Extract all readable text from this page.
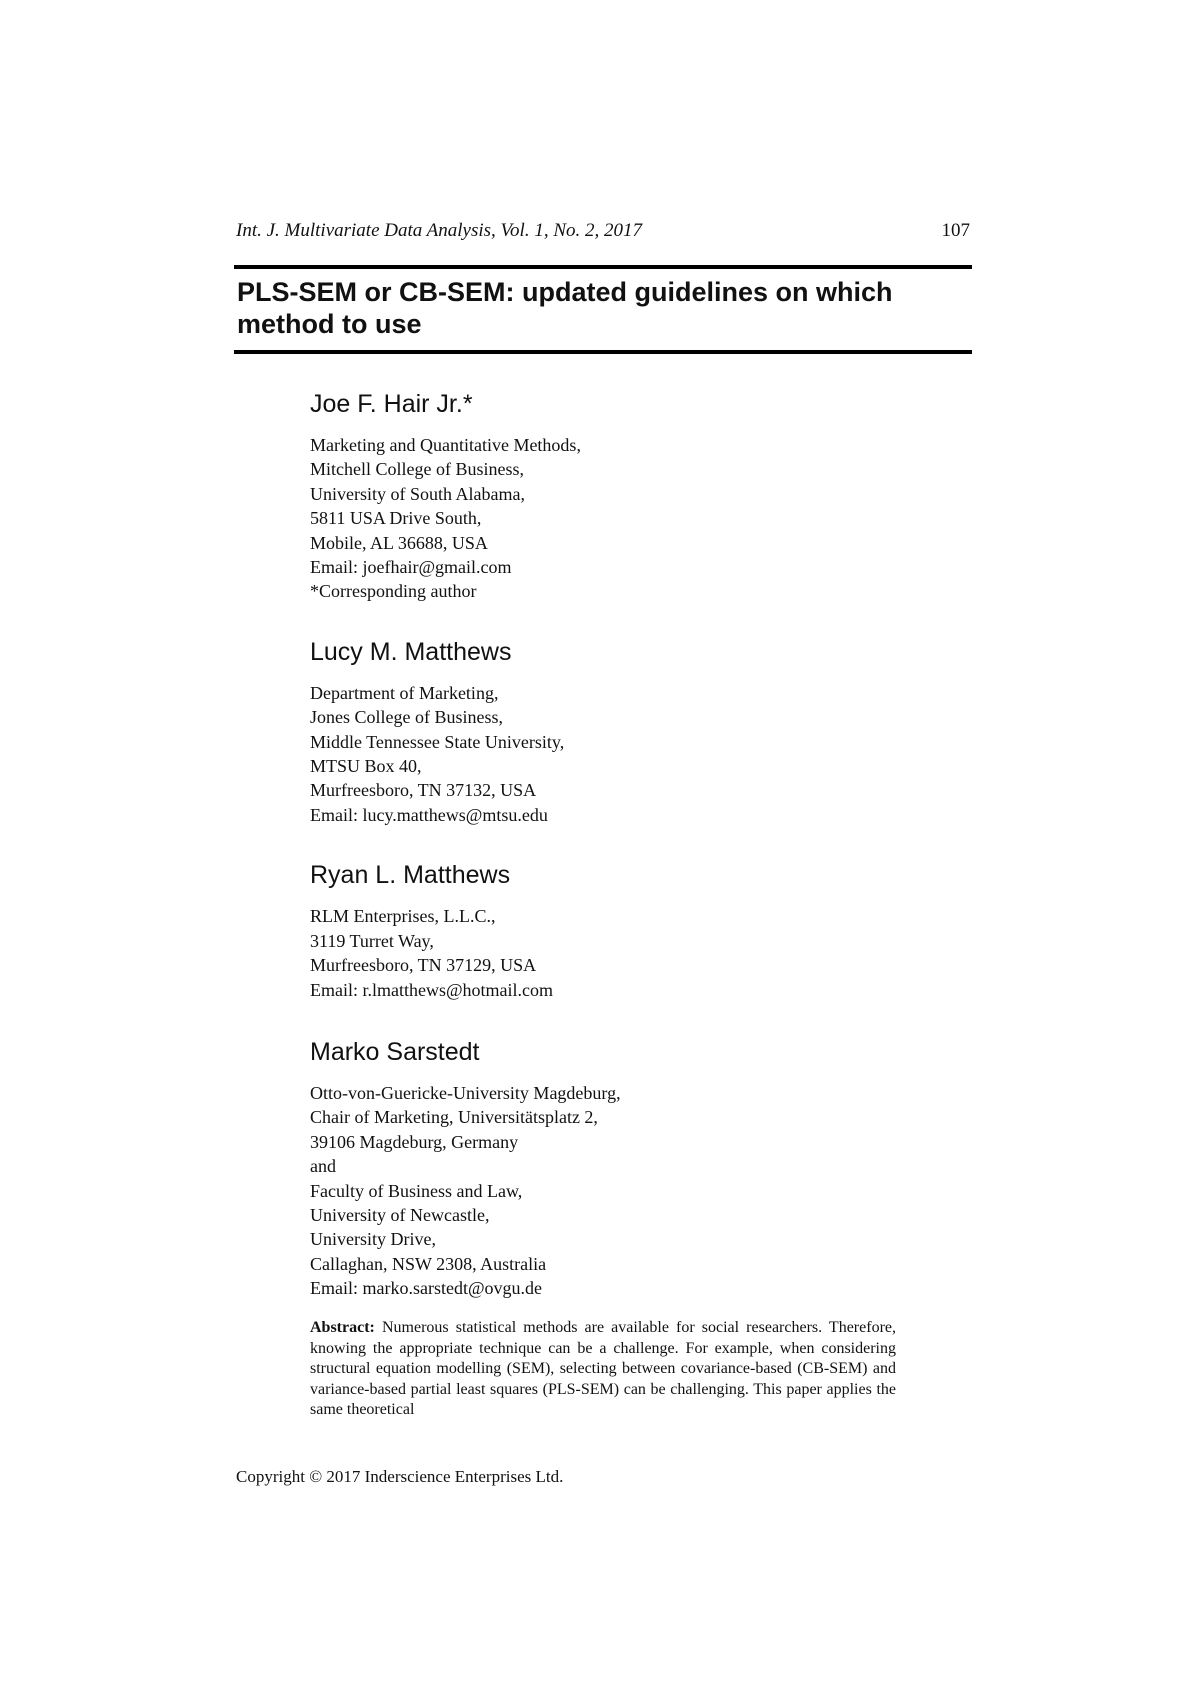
Int. J. Multivariate Data Analysis, Vol. 1, No. 2, 2017	107
PLS-SEM or CB-SEM: updated guidelines on which method to use
Joe F. Hair Jr.*
Marketing and Quantitative Methods,
Mitchell College of Business,
University of South Alabama,
5811 USA Drive South,
Mobile, AL 36688, USA
Email: joefhair@gmail.com
*Corresponding author
Lucy M. Matthews
Department of Marketing,
Jones College of Business,
Middle Tennessee State University,
MTSU Box 40,
Murfreesboro, TN 37132, USA
Email: lucy.matthews@mtsu.edu
Ryan L. Matthews
RLM Enterprises, L.L.C.,
3119 Turret Way,
Murfreesboro, TN 37129, USA
Email: r.lmatthews@hotmail.com
Marko Sarstedt
Otto-von-Guericke-University Magdeburg,
Chair of Marketing, Universitätsplatz 2,
39106 Magdeburg, Germany
and
Faculty of Business and Law,
University of Newcastle,
University Drive,
Callaghan, NSW 2308, Australia
Email: marko.sarstedt@ovgu.de

Abstract: Numerous statistical methods are available for social researchers. Therefore, knowing the appropriate technique can be a challenge. For example, when considering structural equation modelling (SEM), selecting between covariance-based (CB-SEM) and variance-based partial least squares (PLS-SEM) can be challenging. This paper applies the same theoretical

Copyright © 2017 Inderscience Enterprises Ltd.
